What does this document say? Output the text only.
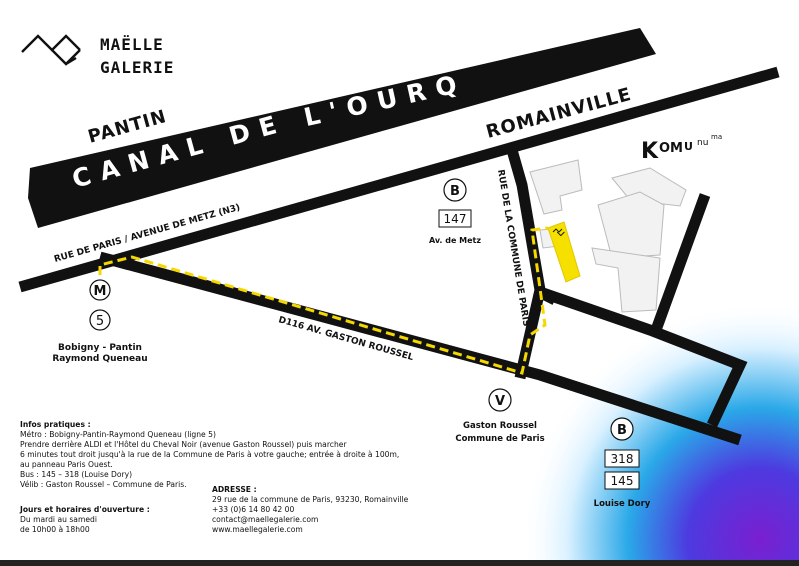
CANAL DE L'OURQ
PANTIN
ROMAINVILLE
RUE DE PARIS / AVENUE DE METZ (N3)
RUE DE LA COMMUNE DE PARIS
D116 AV. GASTON ROUSSEL
MAËLLE
GALERIE
K O M U nu
ma
M
5
Bobigny - Pantin
Raymond Queneau
B
147
Av. de Metz
V
Gaston Roussel
Commune de Paris
B
318
145
Louise Dory
Infos pratiques :
Métro : Bobigny-Pantin-Raymond Queneau (ligne 5)
Prendre derrière ALDI et l'Hôtel du Cheval Noir (avenue Gaston Roussel) puis marcher
6 minutes tout droit jusqu'à la rue de la Commune de Paris à votre gauche; entrée à droite à 100m,
au panneau Paris Ouest.
Bus : 145 – 318 (Louise Dory)
Vélib : Gaston Roussel – Commune de Paris.
Jours et horaires d'ouverture :
Du mardi au samedi
de 10h00 à 18h00
ADRESSE :
29 rue de la commune de Paris, 93230, Romainville
+33 (0)6 14 80 42 00
contact@maellegalerie.com
www.maellegalerie.com
